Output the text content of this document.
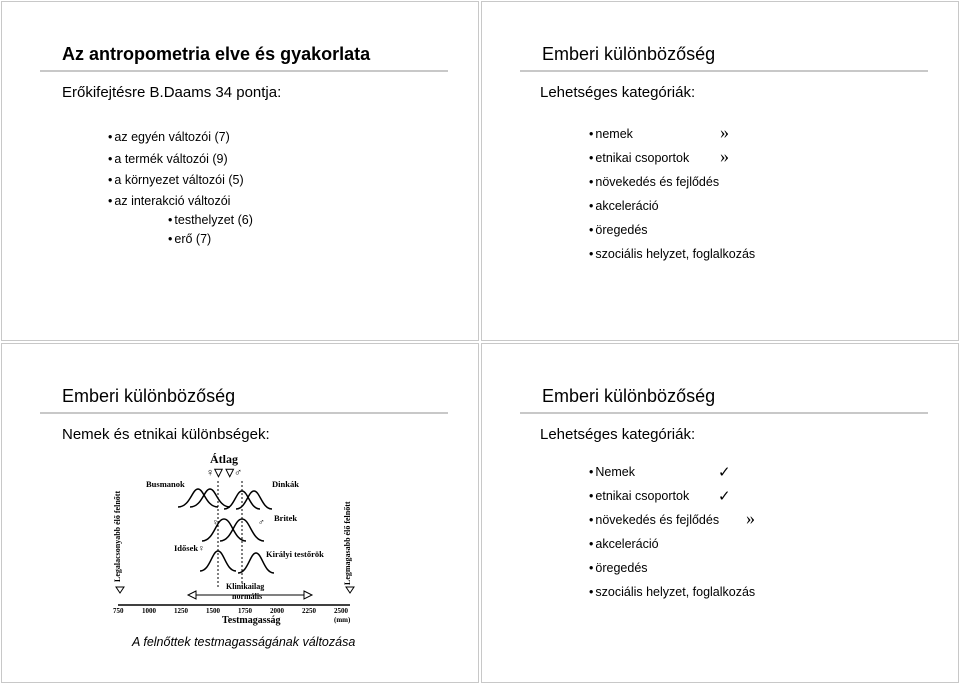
Az antropometria elve és gyakorlata
Erőkifejtésre B.Daams 34 pontja:
• az egyén változói (7)
• a termék változói (9)
• a környezet változói (5)
• az interakció változói
• testhelyzet (6)
• erő (7)
Emberi különbözőség
Lehetséges kategóriák:
• nemek
• etnikai csoportok
• növekedés és fejlődés
• akceleráció
• öregedés
• szociális helyzet, foglalkozás
»
»
Emberi különbözőség
Nemek és etnikai különbségek:
Átlag
♀▽ ▽♂
Legalacsonyabb élő felnőtt	Legmagasabb élő felnőtt
Busmanok	Dinkák
Britek
Idősek
Királyi testőrök
♀	♂
♀
Klinikailag
normális
750	1000	1250	1500	1750	2000	2250	2500
(mm)
Testmagasság
A felnőttek testmagasságának változása
Emberi különbözőség
Lehetséges kategóriák:
• Nemek
• etnikai csoportok
• növekedés és fejlődés
• akceleráció
• öregedés
• szociális helyzet, foglalkozás
✓
✓
»
